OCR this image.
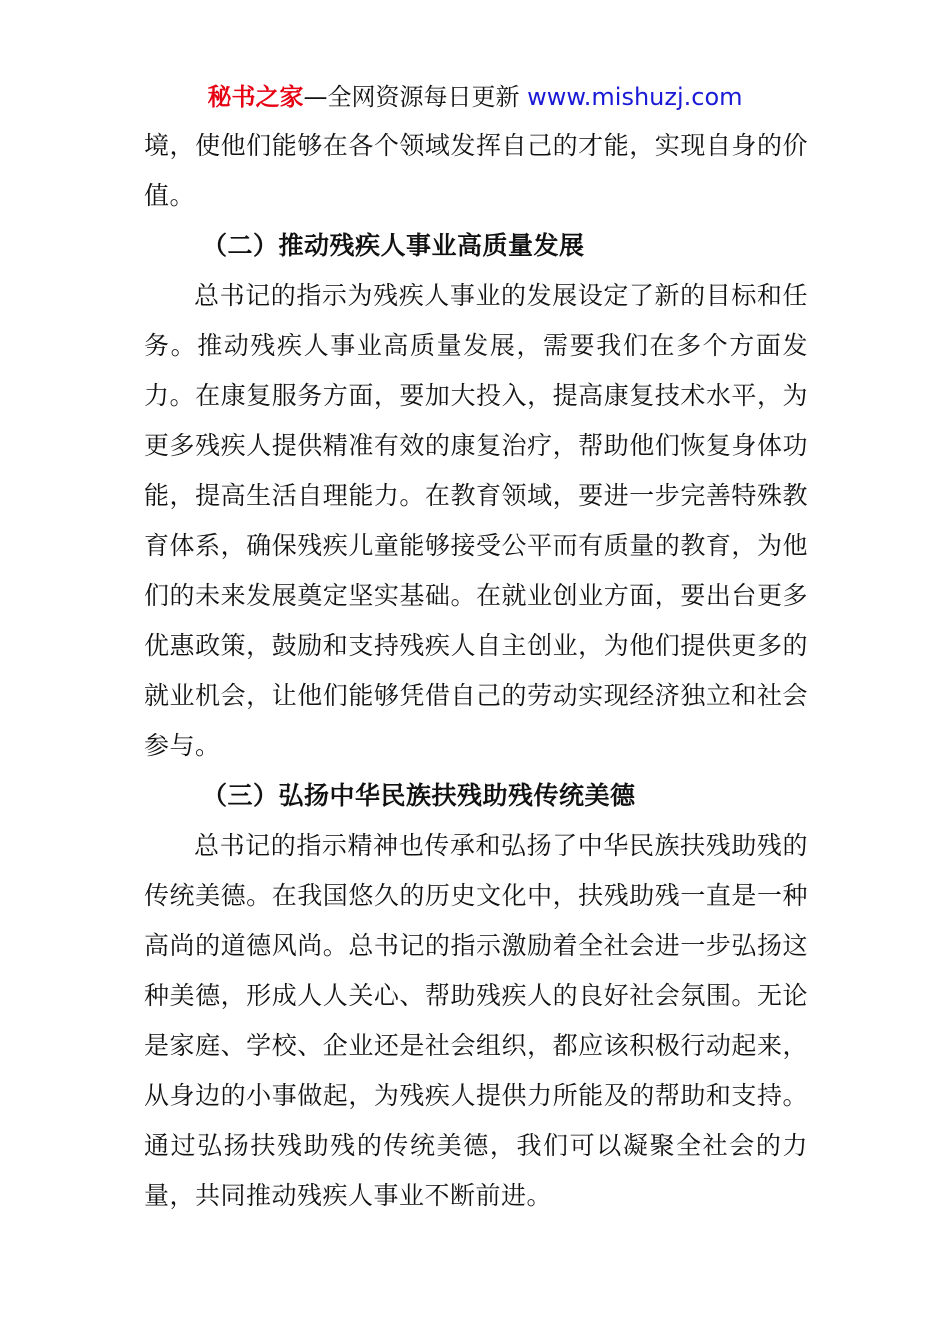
秘书之家—全网资源每日更新 www.mishuzj.com

境，使他们能够在各个领域发挥自己的才能，实现自身的价值。

（二）推动残疾人事业高质量发展

总书记的指示为残疾人事业的发展设定了新的目标和任务。推动残疾人事业高质量发展，需要我们在多个方面发力。在康复服务方面，要加大投入，提高康复技术水平，为更多残疾人提供精准有效的康复治疗，帮助他们恢复身体功能，提高生活自理能力。在教育领域，要进一步完善特殊教育体系，确保残疾儿童能够接受公平而有质量的教育，为他们的未来发展奠定坚实基础。在就业创业方面，要出台更多优惠政策，鼓励和支持残疾人自主创业，为他们提供更多的就业机会，让他们能够凭借自己的劳动实现经济独立和社会参与。

（三）弘扬中华民族扶残助残传统美德

总书记的指示精神也传承和弘扬了中华民族扶残助残的传统美德。在我国悠久的历史文化中，扶残助残一直是一种高尚的道德风尚。总书记的指示激励着全社会进一步弘扬这种美德，形成人人关心、帮助残疾人的良好社会氛围。无论是家庭、学校、企业还是社会组织，都应该积极行动起来，从身边的小事做起，为残疾人提供力所能及的帮助和支持。通过弘扬扶残助残的传统美德，我们可以凝聚全社会的力量，共同推动残疾人事业不断前进。
